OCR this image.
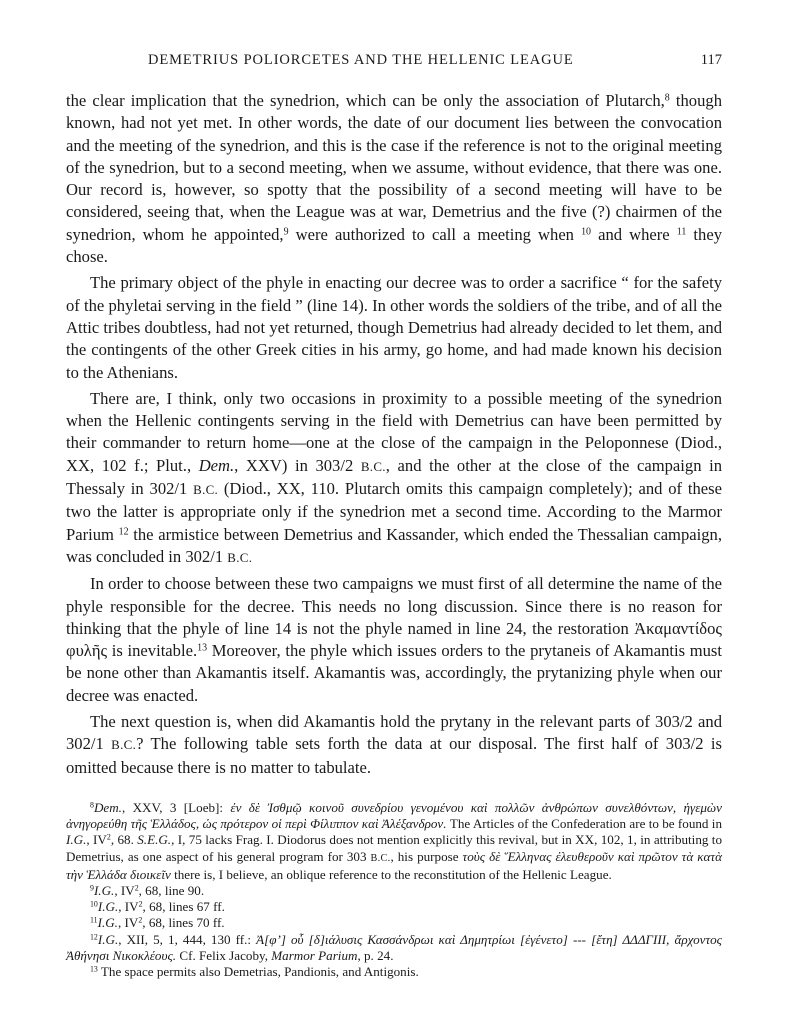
DEMETRIUS POLIORCETES AND THE HELLENIC LEAGUE	117

the clear implication that the synedrion, which can be only the association of Plutarch,$^8$ though known, had not yet met. In other words, the date of our document lies between the convocation and the meeting of the synedrion, and this is the case if the reference is not to the original meeting of the synedrion, but to a second meeting, when we assume, without evidence, that there was one. Our record is, however, so spotty that the possibility of a second meeting will have to be considered, seeing that, when the League was at war, Demetrius and the five (?) chairmen of the synedrion, whom he appointed,$^9$ were authorized to call a meeting when $^{10}$ and where $^{11}$ they chose.

The primary object of the phyle in enacting our decree was to order a sacrifice “ for the safety of the phyletai serving in the field ” (line 14). In other words the soldiers of the tribe, and of all the Attic tribes doubtless, had not yet returned, though Demetrius had already decided to let them, and the contingents of the other Greek cities in his army, go home, and had made known his decision to the Athenians.

There are, I think, only two occasions in proximity to a possible meeting of the synedrion when the Hellenic contingents serving in the field with Demetrius can have been permitted by their commander to return home—one at the close of the campaign in the Peloponnese (Diod., XX, 102 f.; Plut., Dem., XXV) in 303/2 B.C., and the other at the close of the campaign in Thessaly in 302/1 B.C. (Diod., XX, 110. Plutarch omits this campaign completely); and of these two the latter is appropriate only if the synedrion met a second time. According to the Marmor Parium $^{12}$ the armistice between Demetrius and Kassander, which ended the Thessalian campaign, was concluded in 302/1 B.C.

In order to choose between these two campaigns we must first of all determine the name of the phyle responsible for the decree. This needs no long discussion. Since there is no reason for thinking that the phyle of line 14 is not the phyle named in line 24, the restoration Ἀκαμαντίδος φυλῆς is inevitable.$^{13}$ Moreover, the phyle which issues orders to the prytaneis of Akamantis must be none other than Akamantis itself. Akamantis was, accordingly, the prytanizing phyle when our decree was enacted.

The next question is, when did Akamantis hold the prytany in the relevant parts of 303/2 and 302/1 B.C.? The following table sets forth the data at our disposal. The first half of 303/2 is omitted because there is no matter to tabulate.

$^8$Dem., XXV, 3 [Loeb]: ἐν δὲ Ἰσθμῷ κοινοῦ συνεδρίου γενομένου καὶ πολλῶν ἀνθρώπων συνελθόντων, ἡγεμὼν ἀνηγορεύθη τῆς Ἑλλάδος, ὡς πρότερον οἱ περὶ Φίλιππον καὶ Ἀλέξανδρον. The Articles of the Confederation are to be found in I.G., $IV^2$, 68. S.E.G., I, 75 lacks Frag. I. Diodorus does not mention explicitly this revival, but in XX, 102, 1, in attributing to Demetrius, as one aspect of his general program for 303 B.C., his purpose τοὺς δὲ Ἕλληνας ἐλευθεροῦν καὶ πρῶτον τὰ κατὰ τὴν Ἑλλάδα διοικεῖν there is, I believe, an oblique reference to the reconstitution of the Hellenic League.

$^9$I.G., $IV^2$, 68, line 90.

$^{10}$I.G., $IV^2$, 68, lines 67 ff.

$^{11}$I.G., $IV^2$, 68, lines 70 ff.

$^{12}$I.G., XII, 5, 1, 444, 130 ff.: Ἀ[φ’] οὗ [δ]ιάλυσις Κασσάνδρωι καὶ Δημητρίωι [ἐγένετο] --- [ἔτη] ΔΔΔΓΙΙΙ, ἄρχοντος Ἀθήνησι Νικοκλέους. Cf. Felix Jacoby, Marmor Parium, p. 24.

$^{13}$ The space permits also Demetrias, Pandionis, and Antigonis.
